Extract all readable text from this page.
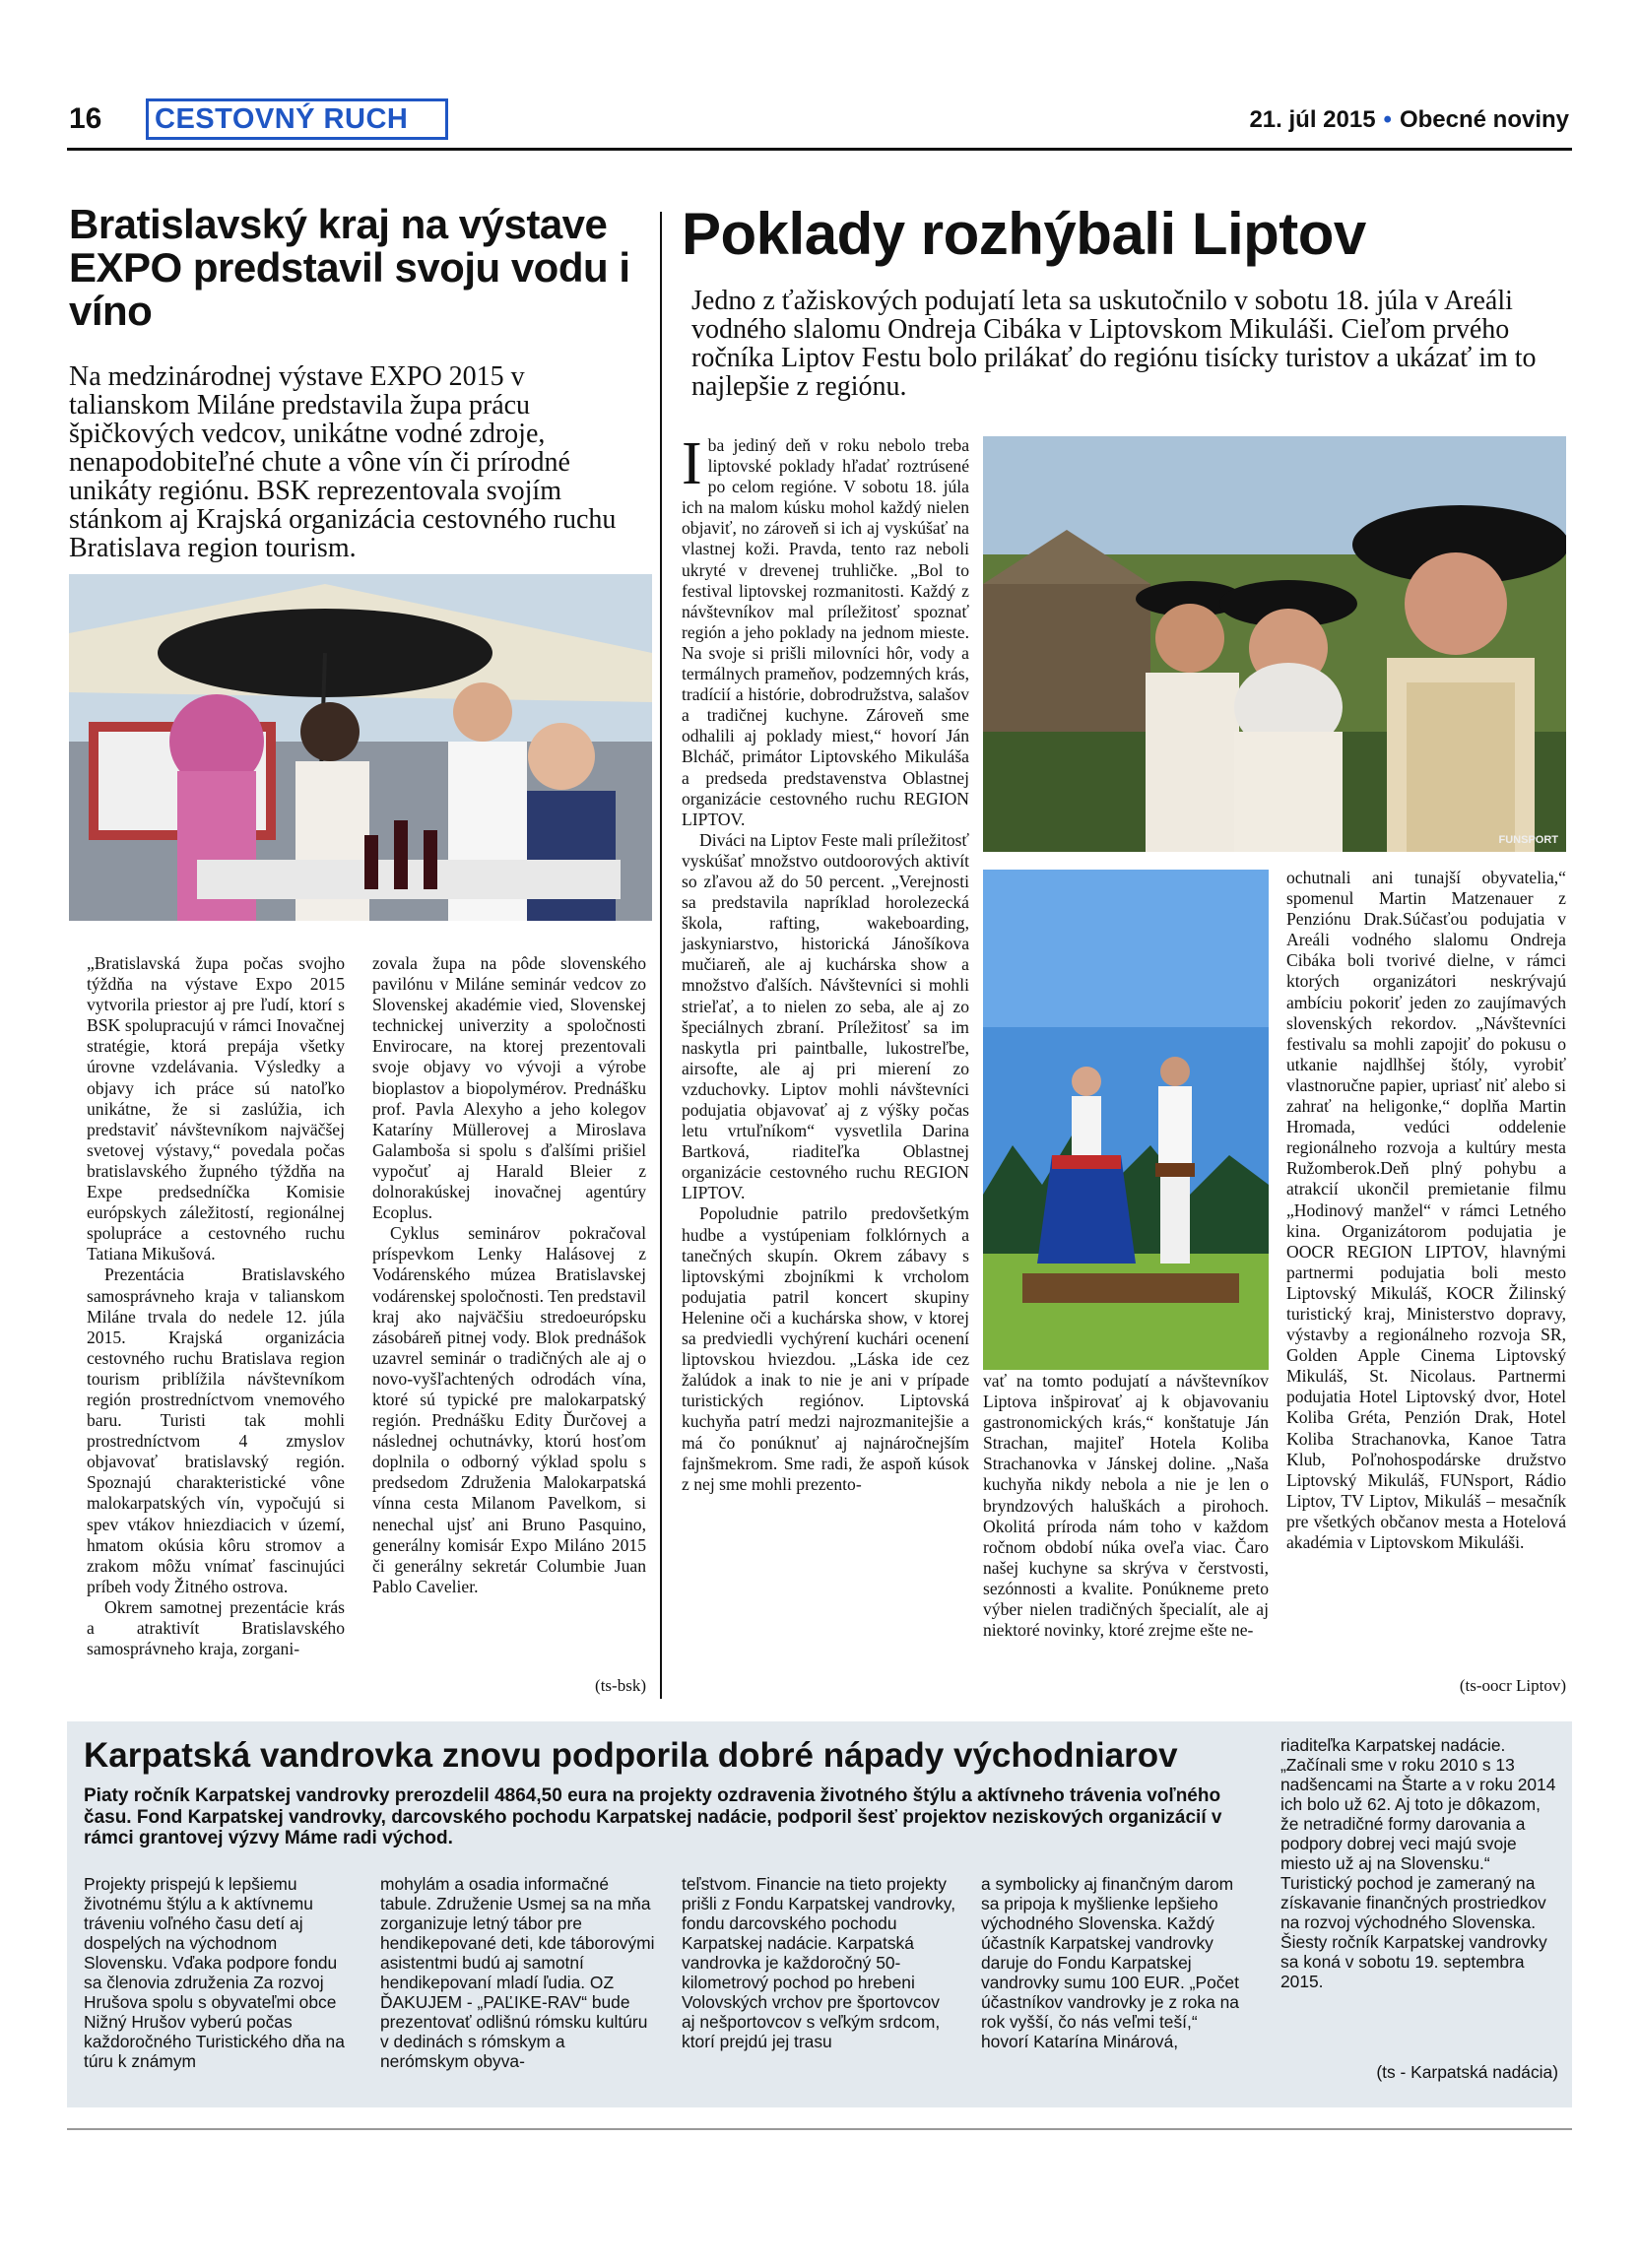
16	CESTOVNÝ RUCH	21. júl 2015 • Obecné noviny
Bratislavský kraj na výstave EXPO predstavil svoju vodu i víno
Na medzinárodnej výstave EXPO 2015 v talianskom Miláne predstavila župa prácu špičkových vedcov, unikátne vodné zdroje, nenapodobiteľné chute a vône vín či prírodné unikáty regiónu. BSK reprezentovala svojím stánkom aj Krajská organizácia cestovného ruchu Bratislava region tourism.

„Bratislavská župa počas svojho týždňa na výstave Expo 2015 vytvorila priestor aj pre ľudí, ktorí s BSK spolupracujú v rámci Inovačnej stratégie, ktorá prepája všetky úrovne vzdelávania. Výsledky a objavy ich práce sú natoľko unikátne, že si zaslúžia, ich predstaviť návštevníkom najväčšej svetovej výstavy,“ povedala počas bratislavského župného týždňa na Expe predsedníčka Komisie európskych záležitostí, regionálnej spolupráce a cestovného ruchu Tatiana Mikušová.

Prezentácia Bratislavského samosprávneho kraja v talianskom Miláne trvala do nedele 12. júla 2015. Krajská organizácia cestovného ruchu Bratislava region tourism priblížila návštevníkom región prostredníctvom vnemového baru. Turisti tak mohli prostredníctvom 4 zmyslov objavovať bratislavský región. Spoznajú charakteristické vône malokarpatských vín, vypočujú si spev vtákov hniezdiacich v území, hmatom okúsia kôru stromov a zrakom môžu vnímať fascinujúci príbeh vody Žitného ostrova.

Okrem samotnej prezentácie krás a atraktivít Bratislavského samosprávneho kraja, zorgani-

zovala župa na pôde slovenského pavilónu v Miláne seminár vedcov zo Slovenskej akadémie vied, Slovenskej technickej univerzity a spoločnosti Envirocare, na ktorej prezentovali svoje objavy vo vývoji a výrobe bioplastov a biopolymérov. Prednášku prof. Pavla Alexyho a jeho kolegov Kataríny Müllerovej a Miroslava Galambošа si spolu s ďalšími prišiel vypočuť aj Harald Bleier z dolnorakúskej inovačnej agentúry Ecoplus.

Cyklus seminárov pokračoval príspevkom Lenky Halásovej z Vodárenského múzea Bratislavskej vodárenskej spoločnosti. Ten predstavil kraj ako najväčšiu stredoeurópsku zásobáreň pitnej vody. Blok prednášok uzavrel seminár o tradičných ale aj o novo-vyšľachtených odrodách vína, ktoré sú typické pre malokarpatský región. Prednášku Edity Ďurčovej a následnej ochutnávky, ktorú hosťom doplnila o odborný výklad spolu s predsedom Združenia Malokarpatská vínna cesta Milanom Pavelkom, si nenechal ujsť ani Bruno Pasquino, generálny komisár Expo Miláno 2015 či generálny sekretár Columbie Juan Pablo Cavelier.

(ts-bsk)
Poklady rozhýbali Liptov
Jedno z ťažiskových podujatí leta sa uskutočnilo v sobotu 18. júla v Areáli vodného slalomu Ondreja Cibáka v Liptovskom Mikuláši. Cieľom prvého ročníka Liptov Festu bolo prilákať do regiónu tisícky turistov a ukázať im to najlepšie z regiónu.

Iba jediný deň v roku nebolo treba liptovské poklady hľadať roztrúsené po celom regióne. V sobotu 18. júla ich na malom kúsku mohol každý nielen objaviť, no zároveň si ich aj vyskúšať na vlastnej koži. Pravda, tento raz neboli ukryté v drevenej truhličke. „Bol to festival liptovskej rozmanitosti. Každý z návštevníkov mal príležitosť spoznať región a jeho poklady na jednom mieste. Na svoje si prišli milovníci hôr, vody a termálnych prameňov, podzemných krás, tradícií a histórie, dobrodružstva, salašov a tradičnej kuchyne. Zároveň sme odhalili aj poklady miest,“ hovorí Ján Blcháč, primátor Liptovského Mikuláša a predseda predstavenstva Oblastnej organizácie cestovného ruchu REGION LIPTOV.

Diváci na Liptov Feste mali príležitosť vyskúšať množstvo outdoorových aktivít so zľavou až do 50 percent. „Verejnosti sa predstavila napríklad horolezecká škola, rafting, wakeboarding, jaskyniarstvo, historická Jánošíkova mučiareň, ale aj kuchárska show a množstvo ďalších. Návštevníci si mohli strieľať, a to nielen zo seba, ale aj zo špeciálnych zbraní. Príležitosť sa im naskytla pri paintballe, lukostreľbe, airsofte, ale aj pri mierení zo vzduchovky. Liptov mohli návštevníci podujatia objavovať aj z výšky počas letu vrtuľníkom“ vysvetlila Darina Bartková, riaditeľka Oblastnej organizácie cestovného ruchu REGION LIPTOV.

Popoludnie patrilo predovšetkým hudbe a vystúpeniam folklórnych a tanečných skupín. Okrem zábavy s liptovskými zbojníkmi k vrcholom podujatia patril koncert skupiny Helenine oči a kuchárska show, v ktorej sa predviedli vychýrení kuchári ocenení liptovskou hviezdou. „Láska ide cez žalúdok a inak to nie je ani v prípade turistických regiónov. Liptovská kuchyňa patrí medzi najrozmanitejšie a má čo ponúknuť aj najnáročnejším fajnšmekrom. Sme radi, že aspoň kúsok z nej sme mohli prezento-

FUNSPORT

vať na tomto podujatí a návštevníkov Liptova inšpirovať aj k objavovaniu gastronomických krás,“ konštatuje Ján Strachan, majiteľ Hotela Koliba Strachanovka v Jánskej doline. „Naša kuchyňa nikdy nebola a nie je len o bryndzových haluškách a pirohoch. Okolitá príroda nám toho v každom ročnom období núka oveľa viac. Čaro našej kuchyne sa skrýva v čerstvosti, sezónnosti a kvalite. Ponúkneme preto výber nielen tradičných špecialít, ale aj niektoré novinky, ktoré zrejme ešte ne-

ochutnali ani tunajší obyvatelia,“ spomenul Martin Matzenauer z Penziónu Drak.Súčasťou podujatia v Areáli vodného slalomu Ondreja Cibáka boli tvorivé dielne, v rámci ktorých organizátori neskrývajú ambíciu pokoriť jeden zo zaujímavých slovenských rekordov. „Návštevníci festivalu sa mohli zapojiť do pokusu o utkanie najdlhšej štóly, vyrobiť vlastnoručne papier, upriasť niť alebo si zahrať na heligonke,“ doplňa Martin Hromada, vedúci oddelenie regionálneho rozvoja a kultúry mesta Ružomberok.Deň plný pohybu a atrakcií ukončil premietanie filmu „Hodinový manžel“ v rámci Letného kina. Organizátorom podujatia je OOCR REGION LIPTOV, hlavnými partnermi podujatia boli mesto Liptovský Mikuláš, KOCR Žilinský turistický kraj, Ministerstvo dopravy, výstavby a regionálneho rozvoja SR, Golden Apple Cinema Liptovský Mikuláš, St. Nicolaus. Partnermi podujatia Hotel Liptovský dvor, Hotel Koliba Gréta, Penzión Drak, Hotel Koliba Strachanovka, Kanoe Tatra Klub, Poľnohospodárske družstvo Liptovský Mikuláš, FUNsport, Rádio Liptov, TV Liptov, Mikuláš – mesačník pre všetkých občanov mesta a Hotelová akadémia v Liptovskom Mikuláši.

(ts-oocr Liptov)
Karpatská vandrovka znovu podporila dobré nápady východniarov
Piaty ročník Karpatskej vandrovky prerozdelil 4864,50 eura na projekty ozdravenia životného štýlu a aktívneho trávenia voľného času. Fond Karpatskej vandrovky, darcovského pochodu Karpatskej nadácie, podporil šesť projektov neziskových organizácií v rámci grantovej výzvy Máme radi východ.
Projekty prispejú k lepšiemu životnému štýlu a k aktívnemu tráveniu voľného času detí aj dospelých na východnom Slovensku. Vďaka podpore fondu sa členovia združenia Za rozvoj Hrušova spolu s obyvateľmi obce Nižný Hrušov vyberú počas každoročného Turistického dňa na túru k známym
mohylám a osadia informačné tabule. Združenie Usmej sa na mňa zorganizuje letný tábor pre hendikepované deti, kde táborovými asistentmi budú aj samotní hendikepovaní mladí ľudia. OZ ĎAKUJEM - „PAĽIKE-RAV“ bude prezentovať odlišnú rómsku kultúru v dedinách s rómskym a nerómskym obyva-
teľstvom. Financie na tieto projekty prišli z Fondu Karpatskej vandrovky, fondu darcovského pochodu Karpatskej nadácie. Karpatská vandrovka je každoročný 50-kilometrový pochod po hrebeni Volovských vrchov pre športovcov aj nešportovcov s veľkým srdcom, ktorí prejdú jej trasu
a symbolicky aj finančným darom sa pripoja k myšlienke lepšieho východného Slovenska. Každý účastník Karpatskej vandrovky daruje do Fondu Karpatskej vandrovky sumu 100 EUR. „Počet účastníkov vandrovky je z roka na rok vyšší, čo nás veľmi teší,“ hovorí Katarína Minárová,
riaditeľka Karpatskej nadácie. „Začínali sme v roku 2010 s 13 nadšencami na Štarte a v roku 2014 ich bolo už 62. Aj toto je dôkazom, že netradičné formy darovania a podpory dobrej veci majú svoje miesto už aj na Slovensku.“ Turistický pochod je zameraný na získavanie finančných prostriedkov na rozvoj východného Slovenska. Šiesty ročník Karpatskej vandrovky sa koná v sobotu 19. septembra 2015.
(ts - Karpatská nadácia)
